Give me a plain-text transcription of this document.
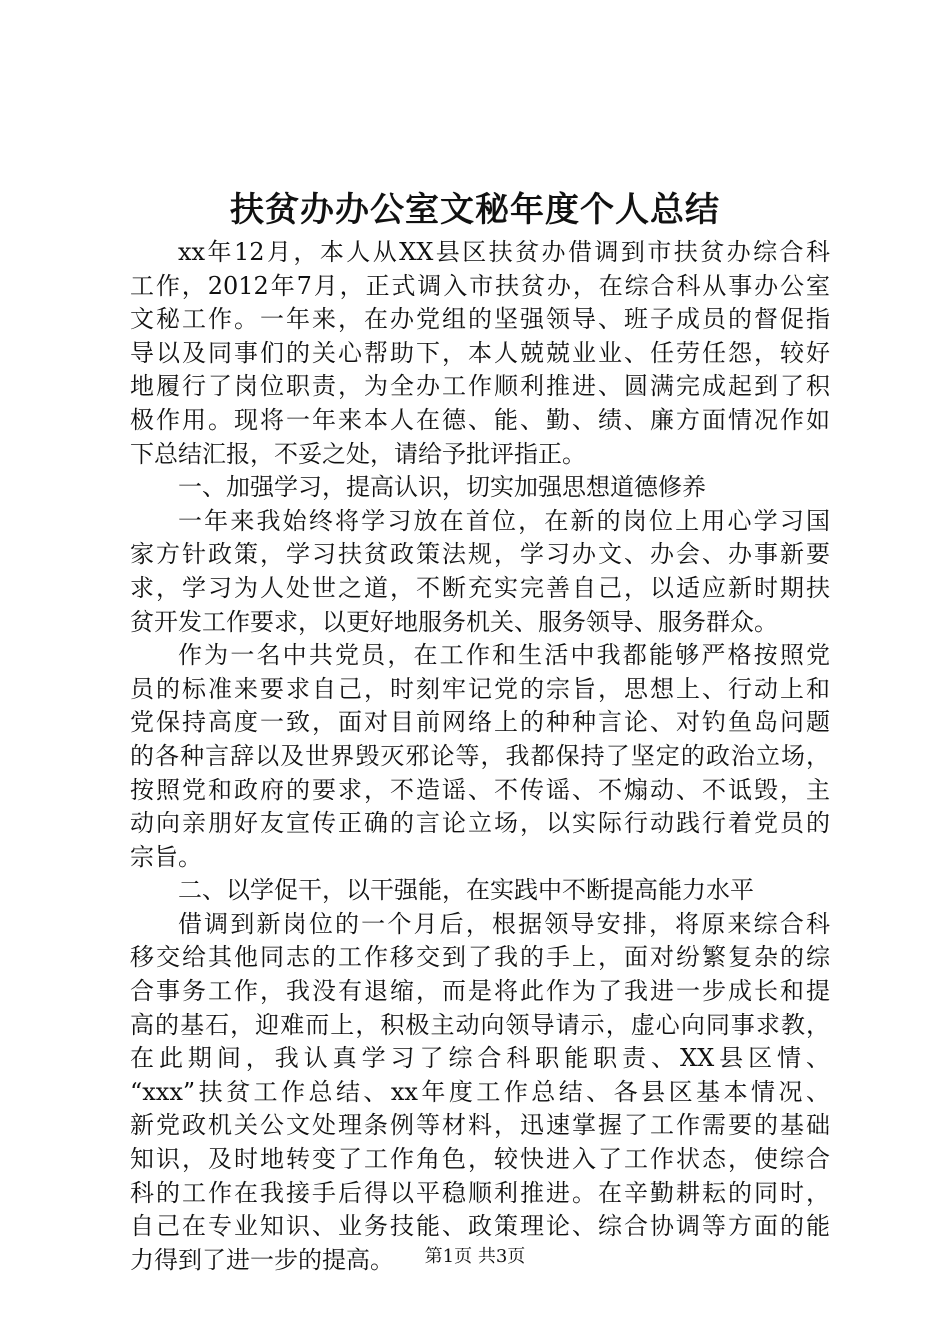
扶贫办办公室文秘年度个人总结
xx年12月，本人从XX县区扶贫办借调到市扶贫办综合科
工作，2012年7月，正式调入市扶贫办，在综合科从事办公室
文秘工作。一年来，在办党组的坚强领导、班子成员的督促指
导以及同事们的关心帮助下，本人兢兢业业、任劳任怨，较好
地履行了岗位职责，为全办工作顺利推进、圆满完成起到了积
极作用。现将一年来本人在德、能、勤、绩、廉方面情况作如
下总结汇报，不妥之处，请给予批评指正。
一、加强学习，提高认识，切实加强思想道德修养
一年来我始终将学习放在首位，在新的岗位上用心学习国
家方针政策，学习扶贫政策法规，学习办文、办会、办事新要
求，学习为人处世之道，不断充实完善自己，以适应新时期扶
贫开发工作要求，以更好地服务机关、服务领导、服务群众。
作为一名中共党员，在工作和生活中我都能够严格按照党
员的标准来要求自己，时刻牢记党的宗旨，思想上、行动上和
党保持高度一致，面对目前网络上的种种言论、对钓鱼岛问题
的各种言辞以及世界毁灭邪论等，我都保持了坚定的政治立场，
按照党和政府的要求，不造谣、不传谣、不煽动、不诋毁，主
动向亲朋好友宣传正确的言论立场，以实际行动践行着党员的
宗旨。
二、以学促干，以干强能，在实践中不断提高能力水平
借调到新岗位的一个月后，根据领导安排，将原来综合科
移交给其他同志的工作移交到了我的手上，面对纷繁复杂的综
合事务工作，我没有退缩，而是将此作为了我进一步成长和提
高的基石，迎难而上，积极主动向领导请示，虚心向同事求教，
在此期间，我认真学习了综合科职能职责、XX县区情、
“xxx”扶贫工作总结、xx年度工作总结、各县区基本情况、
新党政机关公文处理条例等材料，迅速掌握了工作需要的基础
知识，及时地转变了工作角色，较快进入了工作状态，使综合
科的工作在我接手后得以平稳顺利推进。在辛勤耕耘的同时，
自己在专业知识、业务技能、政策理论、综合协调等方面的能
力得到了进一步的提高。	第1页 共3页
